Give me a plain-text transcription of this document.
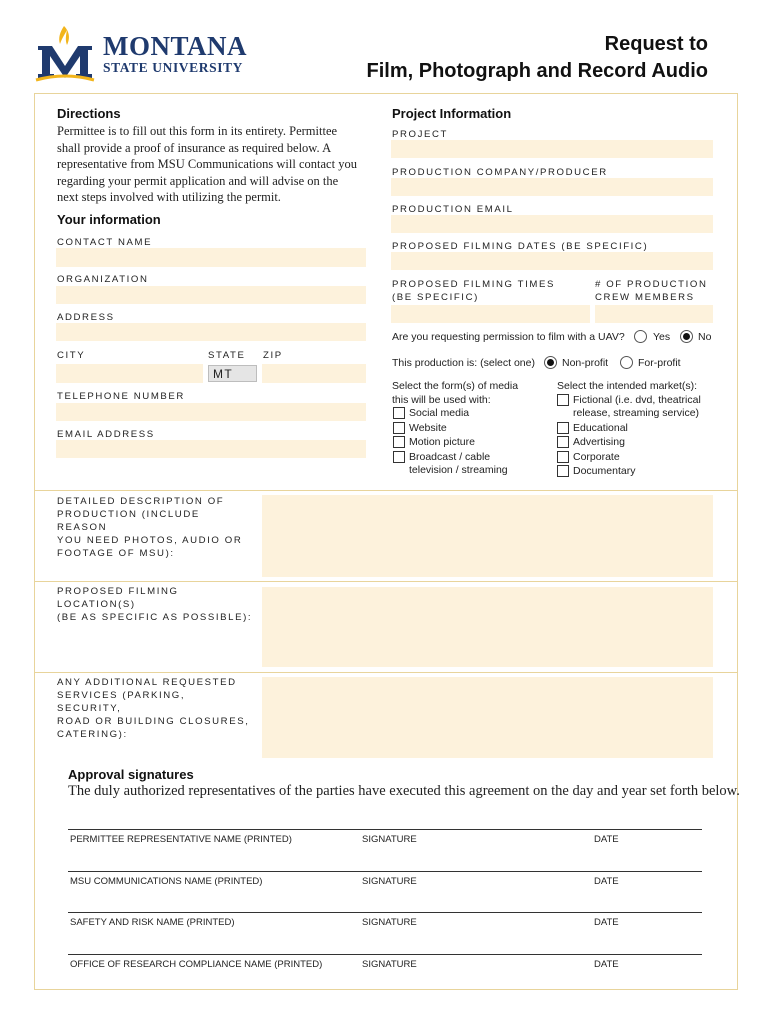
MONTANA
STATE UNIVERSITY
Request to
Film, Photograph and Record Audio
Directions
Permittee is to fill out this form in its entirety. Permittee shall provide a proof of insurance as required below. A representative from MSU Communications will contact you regarding your permit application and will advise on the next steps involved with utilizing the permit.
Your information
CONTACT NAME
ORGANIZATION
ADDRESS
CITY	STATE ZIP
MT
TELEPHONE NUMBER
EMAIL ADDRESS
Project Information
PROJECT
PRODUCTION COMPANY/PRODUCER
PRODUCTION EMAIL
PROPOSED FILMING DATES (BE SPECIFIC)
PROPOSED FILMING TIMES
(BE SPECIFIC)
# OF PRODUCTION
CREW MEMBERS
Are you requesting permission to film with a UAV?	Yes	No
This production is: (select one)	Non-profit	For-profit
Select the form(s) of media
this will be used with:
Social media
Website
Motion picture
Broadcast / cable
television / streaming
Select the intended market(s):
Fictional (i.e. dvd, theatrical
release, streaming service)
Educational
Advertising
Corporate
Documentary
DETAILED DESCRIPTION OF
PRODUCTION (INCLUDE REASON
YOU NEED PHOTOS, AUDIO OR
FOOTAGE OF MSU):
PROPOSED FILMING LOCATION(S)
(BE AS SPECIFIC AS POSSIBLE):
ANY ADDITIONAL REQUESTED
SERVICES (PARKING, SECURITY,
ROAD OR BUILDING CLOSURES,
CATERING):
Approval signatures
The duly authorized representatives of the parties have executed this agreement on the day and year set forth below.
PERMITTEE REPRESENTATIVE NAME (PRINTED)	SIGNATURE	DATE
MSU COMMUNICATIONS NAME (PRINTED)	SIGNATURE	DATE
SAFETY AND RISK NAME (PRINTED)	SIGNATURE	DATE
OFFICE OF RESEARCH COMPLIANCE NAME (PRINTED)	SIGNATURE	DATE
